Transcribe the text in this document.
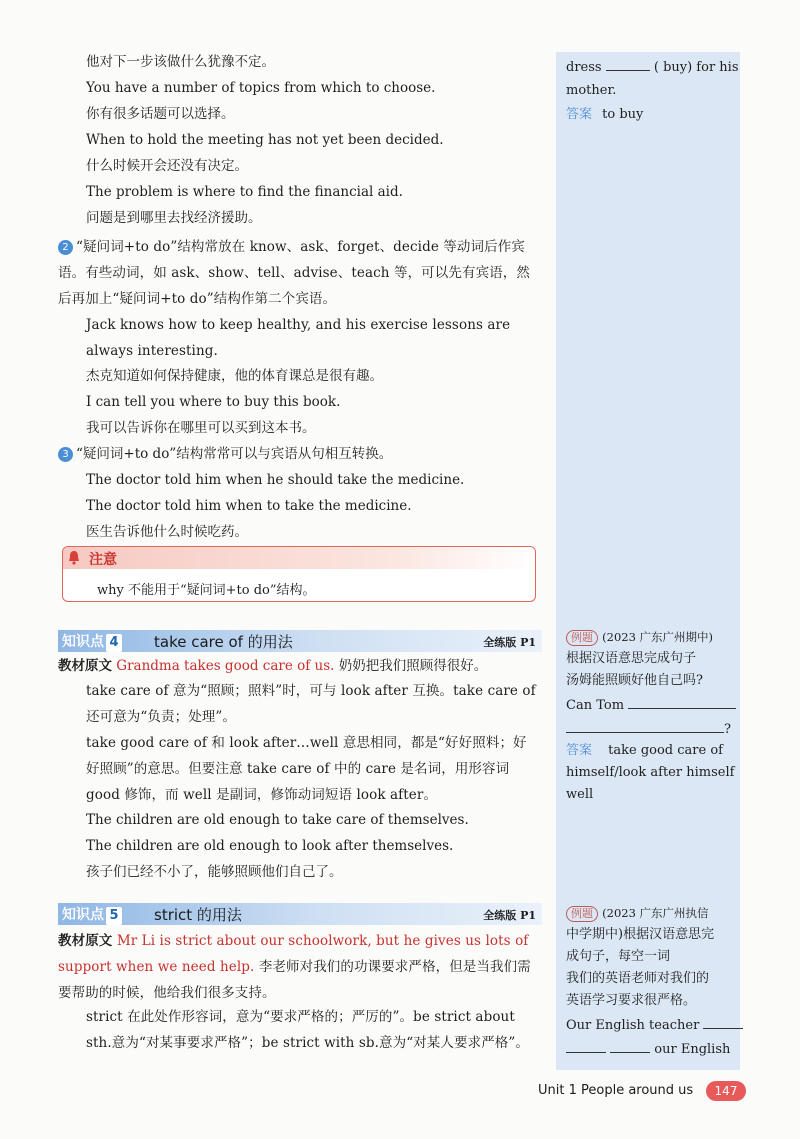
他对下一步该做什么犹豫不定。
You have a number of topics from which to choose.
你有很多话题可以选择。
When to hold the meeting has not yet been decided.
什么时候开会还没有决定。
The problem is where to find the financial aid.
问题是到哪里去找经济援助。
2 “疑问词+to do”结构常放在 know、ask、forget、decide 等动词后作宾语。有些动词，如 ask、show、tell、advise、teach 等，可以先有宾语，然后再加上“疑问词+to do”结构作第二个宾语。
Jack knows how to keep healthy, and his exercise lessons are always interesting.
杰克知道如何保持健康，他的体育课总是很有趣。
I can tell you where to buy this book.
我可以告诉你在哪里可以买到这本书。
3 “疑问词+to do”结构常常可以与宾语从句相互转换。
The doctor told him when he should take the medicine.
The doctor told him when to take the medicine.
医生告诉他什么时候吃药。
注意
why 不能用于“疑问词+to do”结构。
知识点 4 take care of 的用法	全练版 P1
教材原文 Grandma takes good care of us. 奶奶把我们照顾得很好。
take care of 意为“照顾；照料”时，可与 look after 互换。take care of 还可意为“负责；处理”。
take good care of 和 look after…well 意思相同，都是“好好照料；好好照顾”的意思。但要注意 take care of 中的 care 是名词，用形容词 good 修饰，而 well 是副词，修饰动词短语 look after。
The children are old enough to take care of themselves.
The children are old enough to look after themselves.
孩子们已经不小了，能够照顾他们自己了。
知识点 5 strict 的用法	全练版 P1
教材原文 Mr Li is strict about our schoolwork, but he gives us lots of support when we need help. 李老师对我们的功课要求严格，但是当我们需要帮助的时候，他给我们很多支持。
strict 在此处作形容词，意为“要求严格的；严厉的”。be strict about sth.意为“对某事要求严格”；be strict with sb.意为“对某人要求严格”。
dress	( buy) for his
mother.
答案 to buy
例题 (2023 广东广州期中)
根据汉语意思完成句子
汤姆能照顾好他自己吗?
Can Tom
?
答案 take good care of
himself/look after himself
well
例题 (2023 广东广州执信
中学期中)根据汉语意思完
成句子，每空一词
我们的英语老师对我们的
英语学习要求很严格。
Our English teacher
our English
Unit 1 People around us	147
